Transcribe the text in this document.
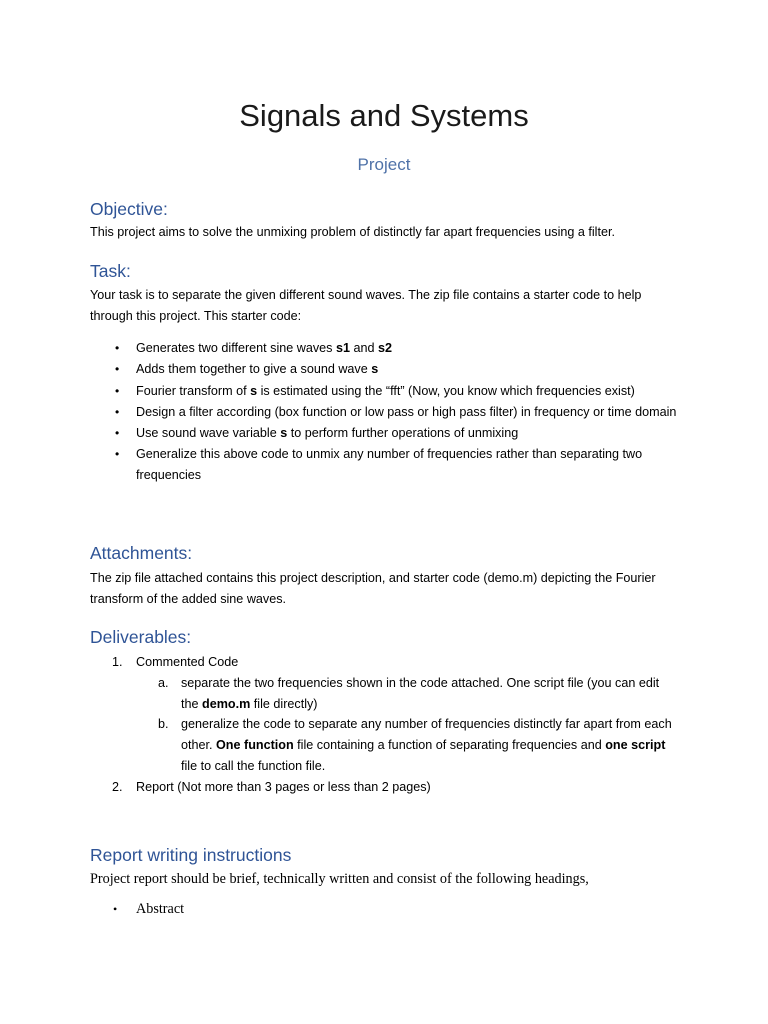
Signals and Systems
Project
Objective:

This project aims to solve the unmixing problem of distinctly far apart frequencies using a filter.

Task:

Your task is to separate the given different sound waves. The zip file contains a starter code to help through this project. This starter code:

• Generates two different sine waves s1 and s2
• Adds them together to give a sound wave s
• Fourier transform of s is estimated using the “fft” (Now, you know which frequencies exist)
• Design a filter according (box function or low pass or high pass filter) in frequency or time domain
• Use sound wave variable s to perform further operations of unmixing
• Generalize this above code to unmix any number of frequencies rather than separating two frequencies
Attachments:

The zip file attached contains this project description, and starter code (demo.m) depicting the Fourier transform of the added sine waves.

Deliverables:
1. Commented Code
a. separate the two frequencies shown in the code attached. One script file (you can edit the demo.m file directly)
b. generalize the code to separate any number of frequencies distinctly far apart from each other. One function file containing a function of separating frequencies and one script file to call the function file.
2. Report (Not more than 3 pages or less than 2 pages)
Report writing instructions

Project report should be brief, technically written and consist of the following headings,

• Abstract
